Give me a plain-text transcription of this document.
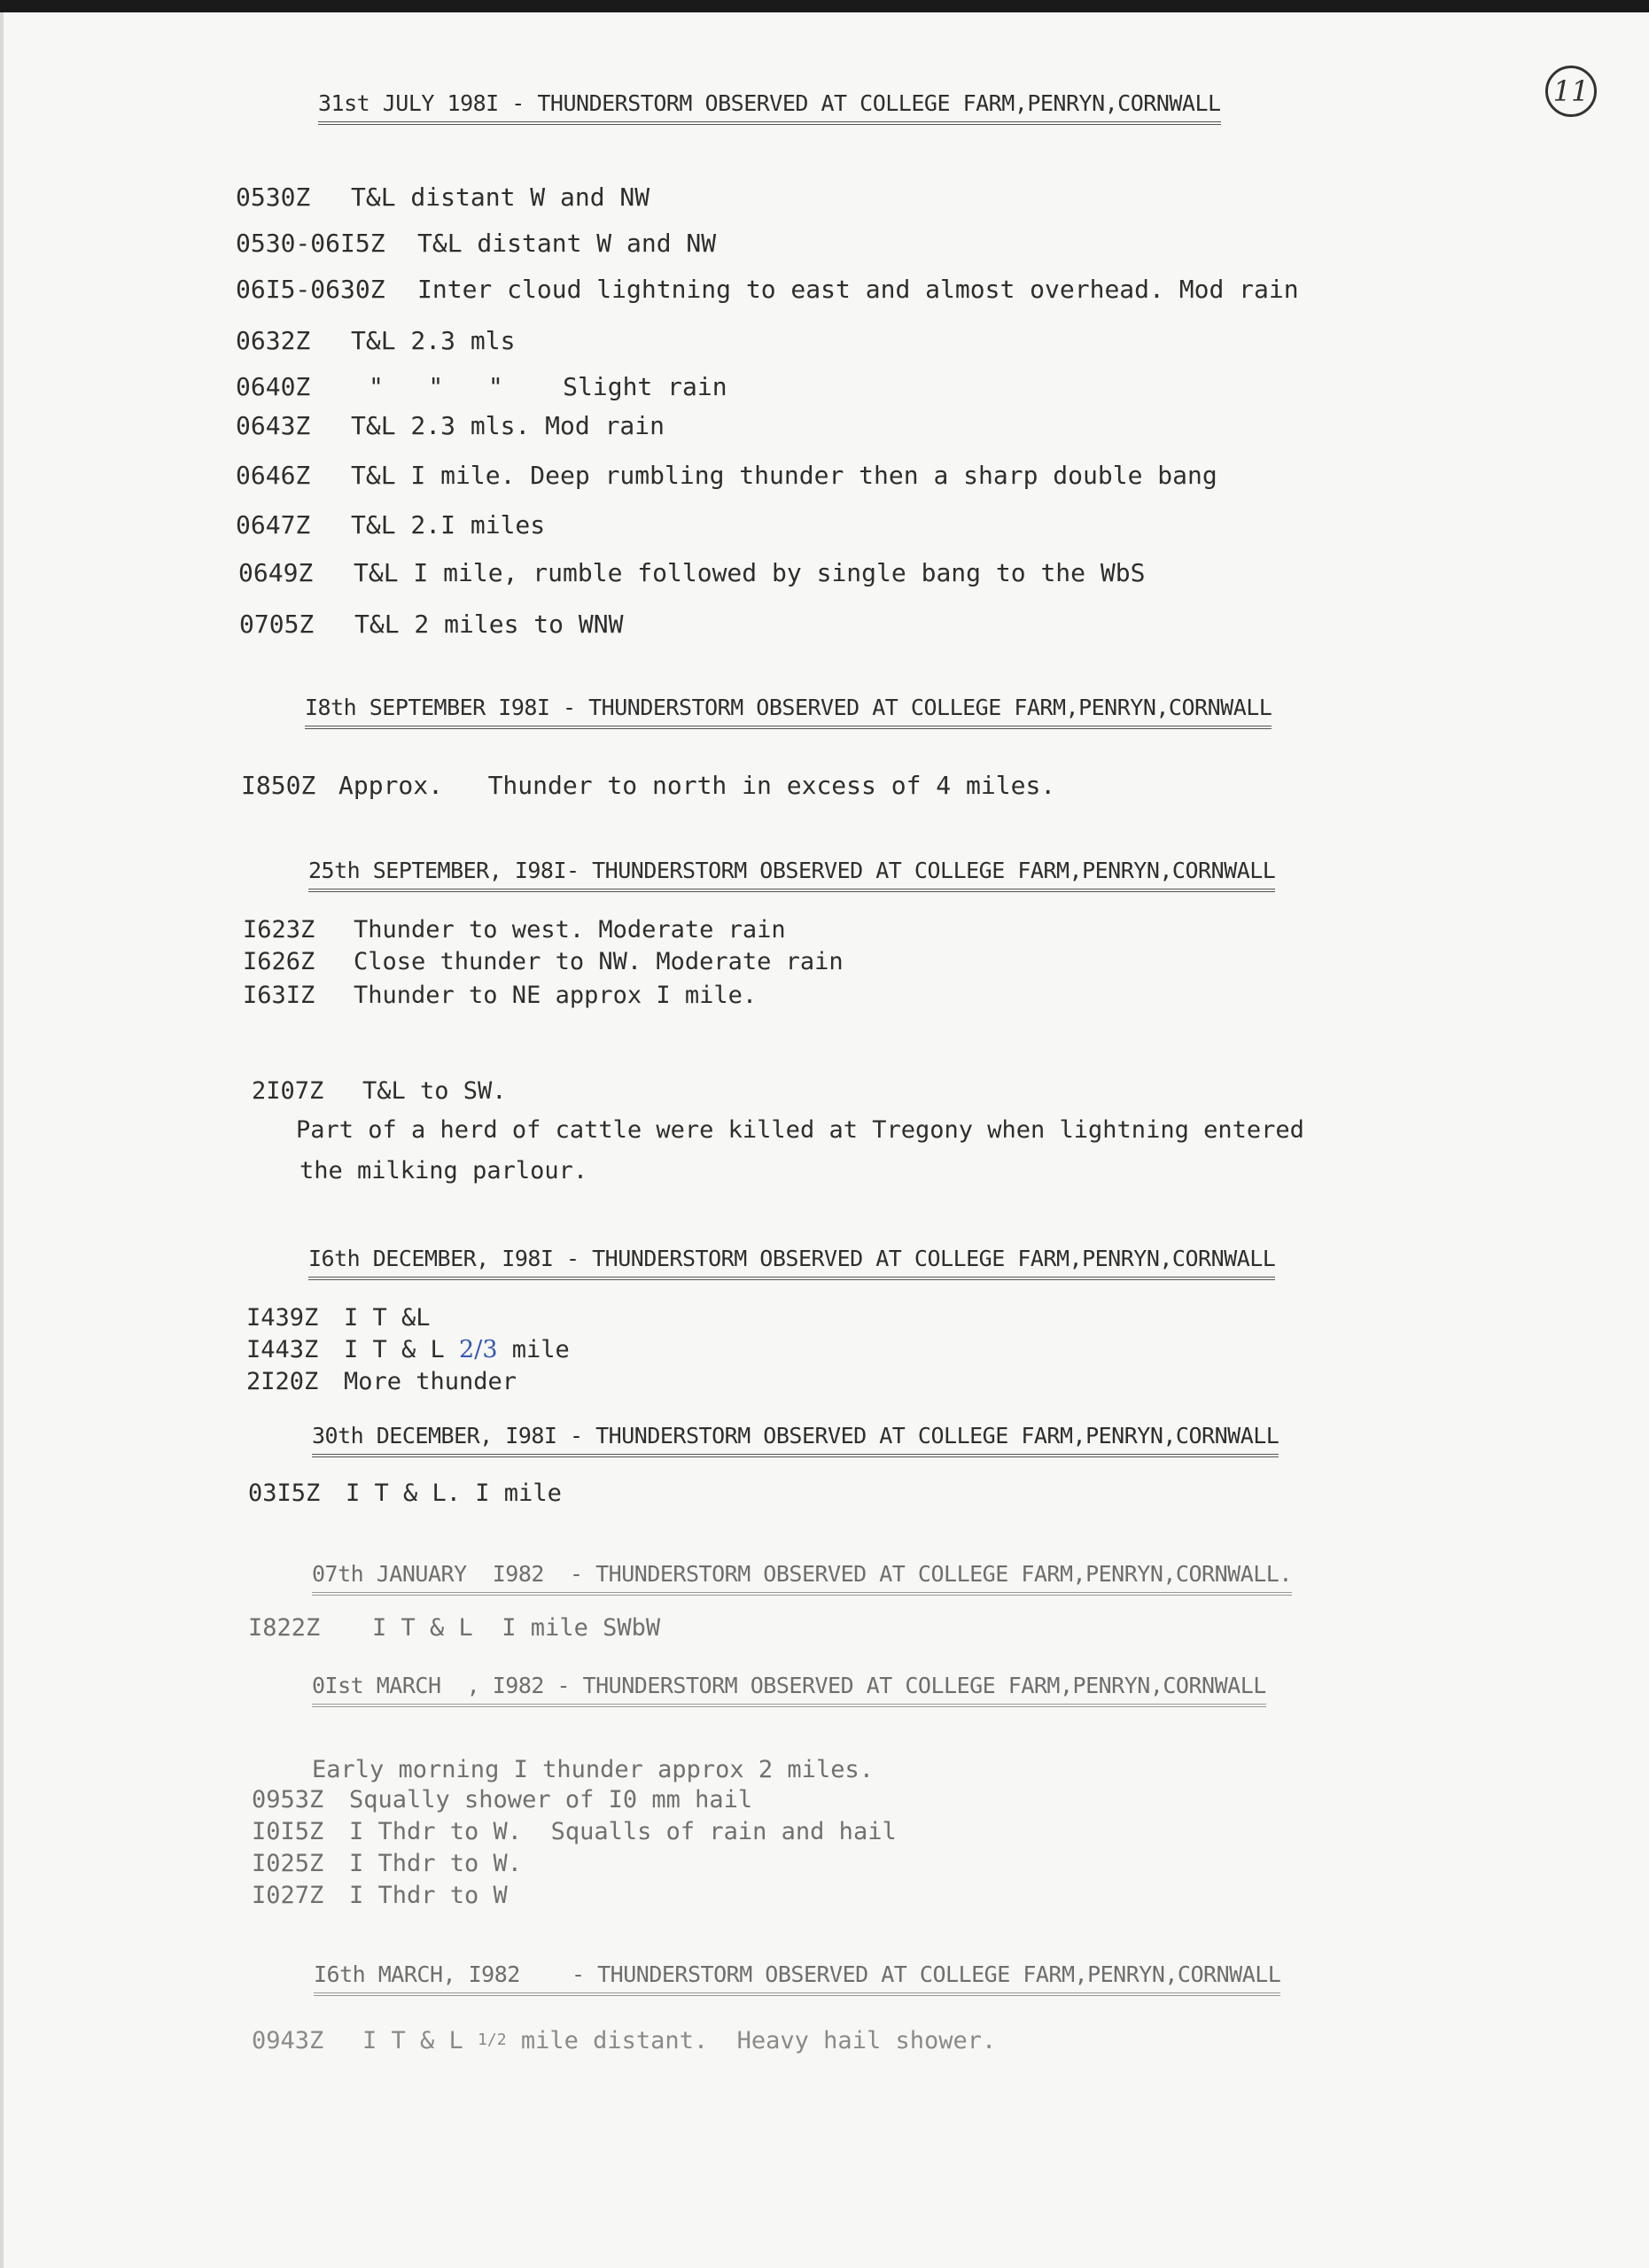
11
31st JULY 198I - THUNDERSTORM OBSERVED AT COLLEGE FARM,PENRYN,CORNWALL
0530Z T&L distant W and NW
0530-06I5Z T&L distant W and NW
06I5-0630Z Inter cloud lightning to east and almost overhead. Mod rain
0632Z T&L 2.3 mls
0640Z "   "   "    Slight rain
0643Z T&L 2.3 mls. Mod rain
0646Z T&L I mile. Deep rumbling thunder then a sharp double bang
0647Z T&L 2.I miles
0649Z T&L I mile, rumble followed by single bang to the WbS
0705Z T&L 2 miles to WNW
I8th SEPTEMBER I98I - THUNDERSTORM OBSERVED AT COLLEGE FARM,PENRYN,CORNWALL
I850Z Approx.   Thunder to north in excess of 4 miles.
25th SEPTEMBER, I98I- THUNDERSTORM OBSERVED AT COLLEGE FARM,PENRYN,CORNWALL
I623Z Thunder to west. Moderate rain
I626Z Close thunder to NW. Moderate rain
I63IZ Thunder to NE approx I mile.
2I07Z T&L to SW.
Part of a herd of cattle were killed at Tregony when lightning entered
the milking parlour.
I6th DECEMBER, I98I - THUNDERSTORM OBSERVED AT COLLEGE FARM,PENRYN,CORNWALL
I439Z I T &L
I443Z I T & L 2/3 mile
2I20Z More thunder
30th DECEMBER, I98I - THUNDERSTORM OBSERVED AT COLLEGE FARM,PENRYN,CORNWALL
03I5Z I T & L. I mile
07th JANUARY  I982  - THUNDERSTORM OBSERVED AT COLLEGE FARM,PENRYN,CORNWALL.
I822Z I T & L  I mile SWbW
0Ist MARCH  , I982 - THUNDERSTORM OBSERVED AT COLLEGE FARM,PENRYN,CORNWALL
Early morning I thunder approx 2 miles.
0953Z Squally shower of I0 mm hail
I0I5Z I Thdr to W.  Squalls of rain and hail
I025Z I Thdr to W.
I027Z I Thdr to W
I6th MARCH, I982    - THUNDERSTORM OBSERVED AT COLLEGE FARM,PENRYN,CORNWALL
0943Z I T & L 1/2 mile distant.  Heavy hail shower.
